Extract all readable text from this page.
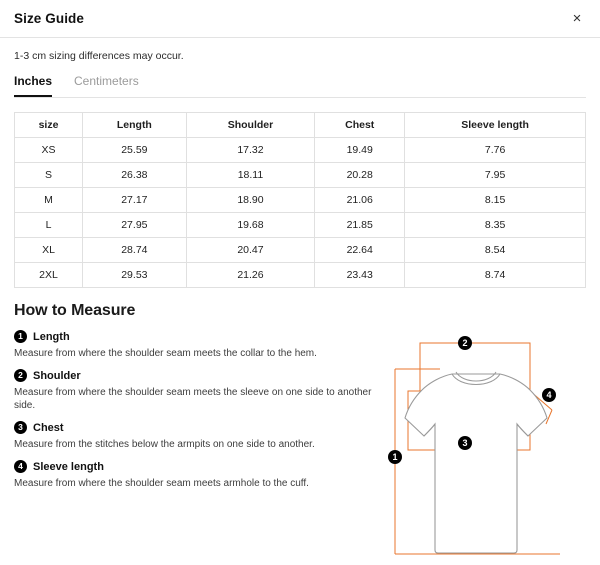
Size Guide	×

1-3 cm sizing differences may occur.

Inches Centimeters
size	Length	Shoulder	Chest	Sleeve length
XS	25.59	17.32	19.49	7.76
S	26.38	18.11	20.28	7.95
M	27.17	18.90	21.06	8.15
L	27.95	19.68	21.85	8.35
XL	28.74	20.47	22.64	8.54
2XL	29.53	21.26	23.43	8.74
How to Measure
1 Length

Measure from where the shoulder seam meets the collar to the hem.

2 Shoulder

Measure from where the shoulder seam meets the sleeve on one side to another side.

3 Chest

Measure from the stitches below the armpits on one side to another.

4 Sleeve length

Measure from where the shoulder seam meets armhole to the cuff.

2
1
3
4
